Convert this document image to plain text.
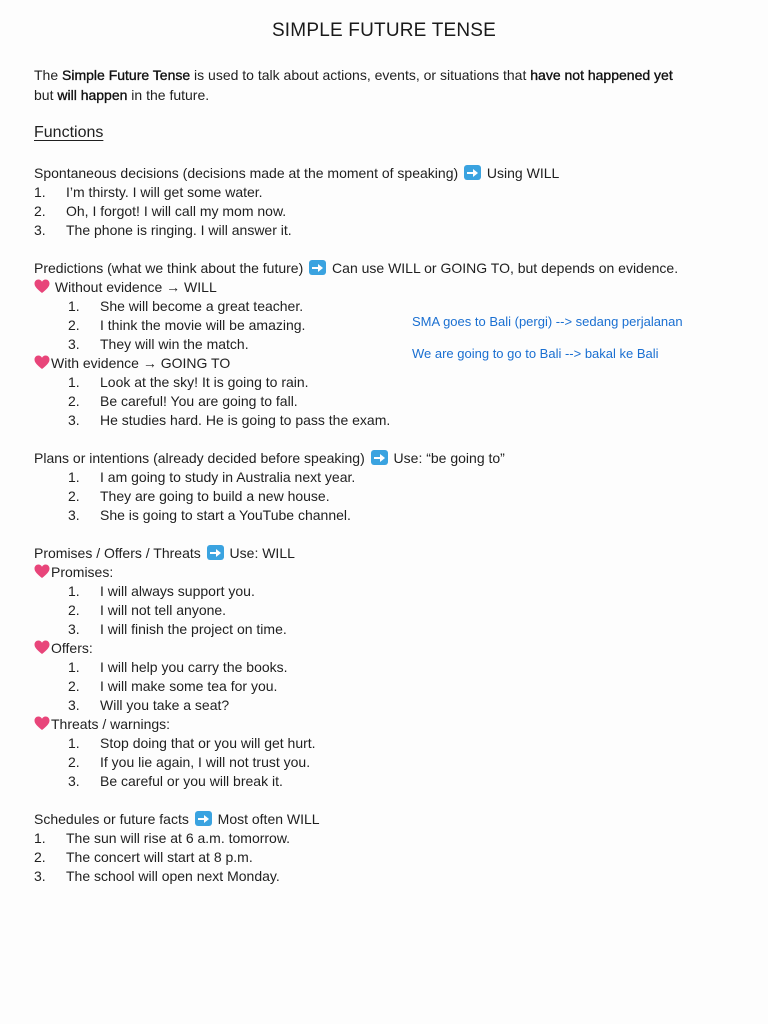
SIMPLE FUTURE TENSE
The Simple Future Tense is used to talk about actions, events, or situations that have not happened yet
but will happen in the future.
Functions
Spontaneous decisions (decisions made at the moment of speaking) Using WILL
1. I’m thirsty. I will get some water.
2. Oh, I forgot! I will call my mom now.
3. The phone is ringing. I will answer it.
Predictions (what we think about the future) Can use WILL or GOING TO, but depends on evidence.
Without evidence → WILL
1. She will become a great teacher.
2. I think the movie will be amazing.
3. They will win the match.
SMA goes to Bali (pergi) --> sedang perjalanan
We are going to go to Bali --> bakal ke Bali
With evidence → GOING TO
1. Look at the sky! It is going to rain.
2. Be careful! You are going to fall.
3. He studies hard. He is going to pass the exam.
Plans or intentions (already decided before speaking) Use: “be going to”
1. I am going to study in Australia next year.
2. They are going to build a new house.
3. She is going to start a YouTube channel.
Promises / Offers / Threats Use: WILL
Promises:
1. I will always support you.
2. I will not tell anyone.
3. I will finish the project on time.
Offers:
1. I will help you carry the books.
2. I will make some tea for you.
3. Will you take a seat?
Threats / warnings:
1. Stop doing that or you will get hurt.
2. If you lie again, I will not trust you.
3. Be careful or you will break it.
Schedules or future facts Most often WILL
1. The sun will rise at 6 a.m. tomorrow.
2. The concert will start at 8 p.m.
3. The school will open next Monday.
